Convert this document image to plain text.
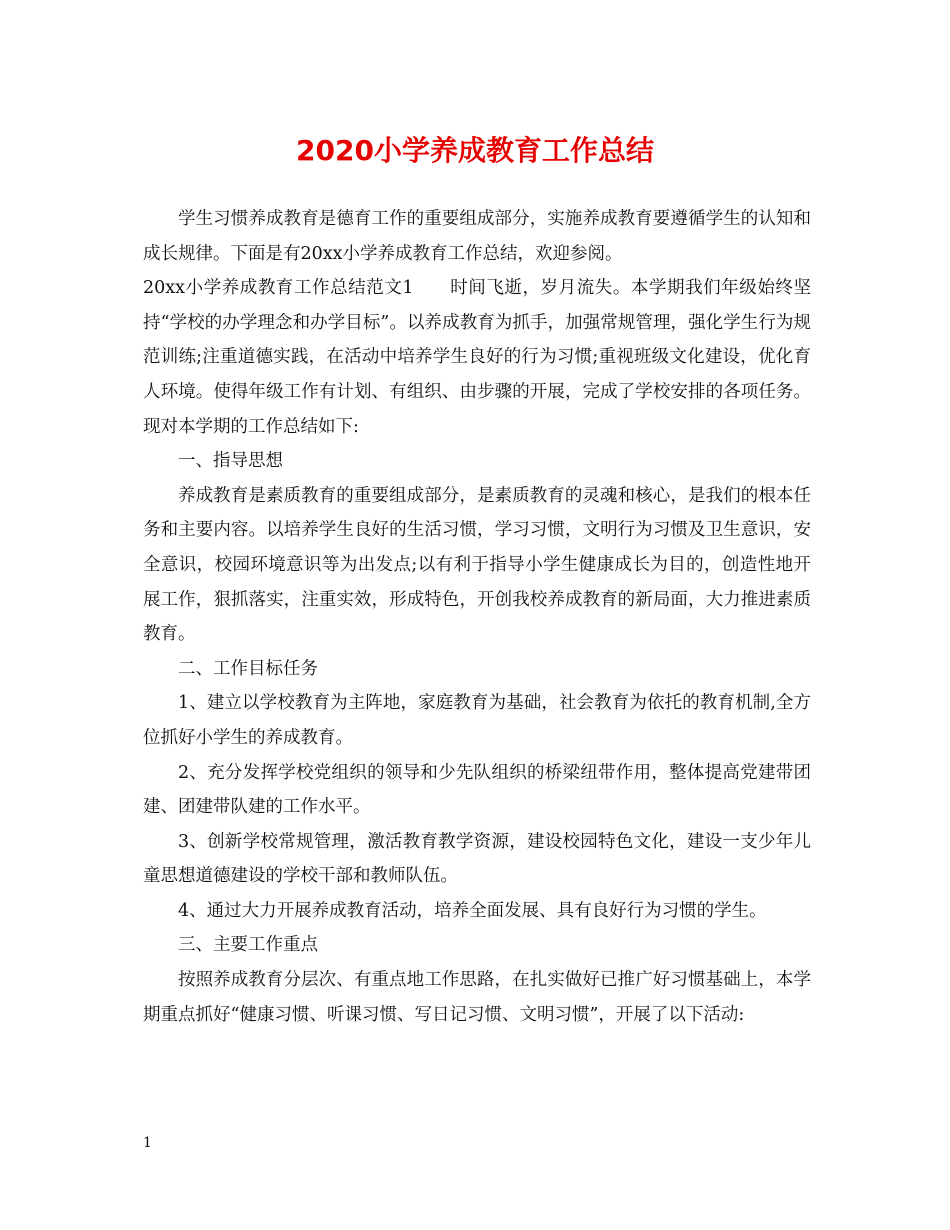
2020小学养成教育工作总结

学生习惯养成教育是德育工作的重要组成部分，实施养成教育要遵循学生的认知和成长规律。下面是有20xx小学养成教育工作总结，欢迎参阅。

20xx小学养成教育工作总结范文1　　时间飞逝，岁月流失。本学期我们年级始终坚持“学校的办学理念和办学目标”。以养成教育为抓手，加强常规管理，强化学生行为规范训练;注重道德实践，在活动中培养学生良好的行为习惯;重视班级文化建设，优化育人环境。使得年级工作有计划、有组织、由步骤的开展，完成了学校安排的各项任务。现对本学期的工作总结如下:

一、指导思想

养成教育是素质教育的重要组成部分，是素质教育的灵魂和核心，是我们的根本任务和主要内容。以培养学生良好的生活习惯，学习习惯，文明行为习惯及卫生意识，安全意识，校园环境意识等为出发点;以有利于指导小学生健康成长为目的，创造性地开展工作，狠抓落实，注重实效，形成特色，开创我校养成教育的新局面，大力推进素质教育。

二、工作目标任务

1、建立以学校教育为主阵地，家庭教育为基础，社会教育为依托的教育机制,全方位抓好小学生的养成教育。

2、充分发挥学校党组织的领导和少先队组织的桥梁纽带作用，整体提高党建带团建、团建带队建的工作水平。

3、创新学校常规管理，激活教育教学资源，建设校园特色文化，建设一支少年儿童思想道德建设的学校干部和教师队伍。

4、通过大力开展养成教育活动，培养全面发展、具有良好行为习惯的学生。

三、主要工作重点

按照养成教育分层次、有重点地工作思路，在扎实做好已推广好习惯基础上，本学期重点抓好“健康习惯、听课习惯、写日记习惯、文明习惯”，开展了以下活动:

1
